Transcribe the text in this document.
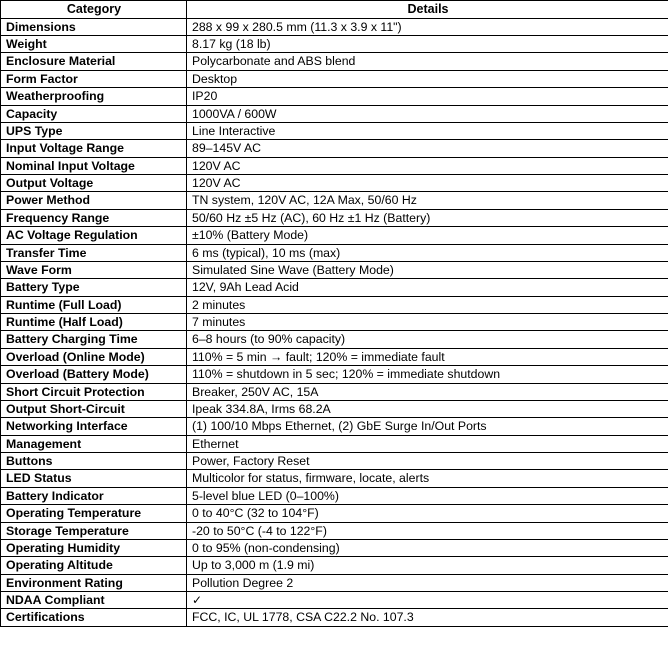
Category	Details
Dimensions	288 x 99 x 280.5 mm (11.3 x 3.9 x 11")
Weight	8.17 kg (18 lb)
Enclosure Material	Polycarbonate and ABS blend
Form Factor	Desktop
Weatherproofing	IP20
Capacity	1000VA / 600W
UPS Type	Line Interactive
Input Voltage Range	89–145V AC
Nominal Input Voltage	120V AC
Output Voltage	120V AC
Power Method	TN system, 120V AC, 12A Max, 50/60 Hz
Frequency Range	50/60 Hz ±5 Hz (AC), 60 Hz ±1 Hz (Battery)
AC Voltage Regulation	±10% (Battery Mode)
Transfer Time	6 ms (typical), 10 ms (max)
Wave Form	Simulated Sine Wave (Battery Mode)
Battery Type	12V, 9Ah Lead Acid
Runtime (Full Load)	2 minutes
Runtime (Half Load)	7 minutes
Battery Charging Time	6–8 hours (to 90% capacity)
Overload (Online Mode)	110% = 5 min → fault; 120% = immediate fault
Overload (Battery Mode)	110% = shutdown in 5 sec; 120% = immediate shutdown
Short Circuit Protection	Breaker, 250V AC, 15A
Output Short-Circuit	Ipeak 334.8A, Irms 68.2A
Networking Interface	(1) 100/10 Mbps Ethernet, (2) GbE Surge In/Out Ports
Management	Ethernet
Buttons	Power, Factory Reset
LED Status	Multicolor for status, firmware, locate, alerts
Battery Indicator	5-level blue LED (0–100%)
Operating Temperature	0 to 40°C (32 to 104°F)
Storage Temperature	-20 to 50°C (-4 to 122°F)
Operating Humidity	0 to 95% (non-condensing)
Operating Altitude	Up to 3,000 m (1.9 mi)
Environment Rating	Pollution Degree 2
NDAA Compliant	✓
Certifications	FCC, IC, UL 1778, CSA C22.2 No. 107.3
